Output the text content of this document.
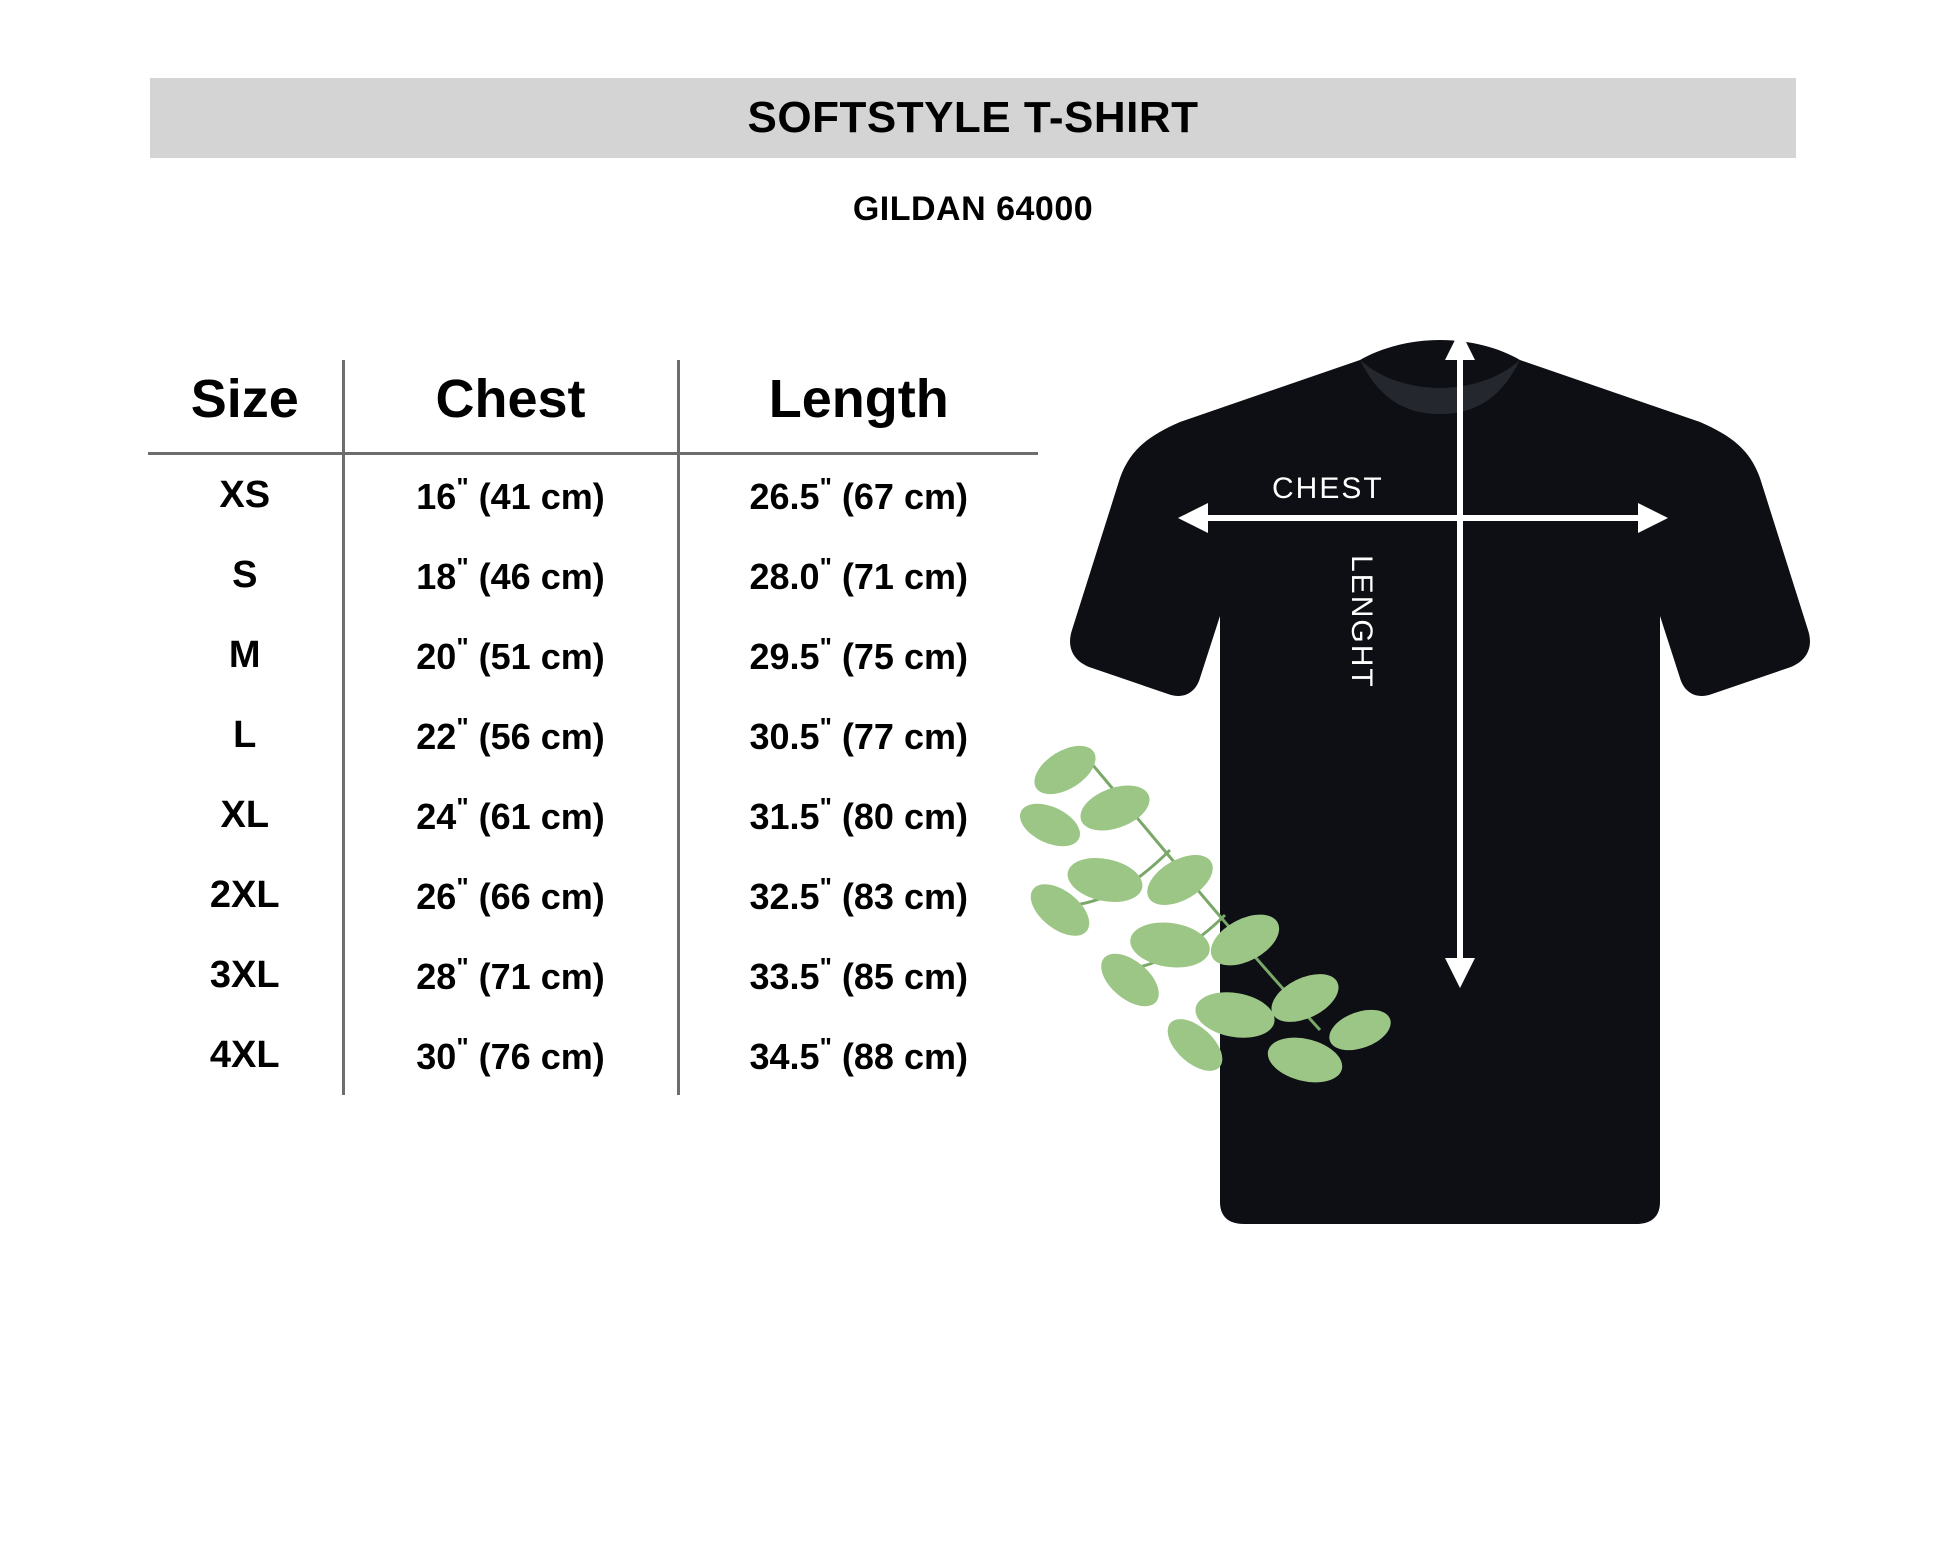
SOFTSTYLE T-SHIRT
GILDAN 64000
Size	Chest	Length
XS	16" (41 cm)	26.5" (67 cm)
S	18" (46 cm)	28.0" (71 cm)
M	20" (51 cm)	29.5" (75 cm)
L	22" (56 cm)	30.5" (77 cm)
XL	24" (61 cm)	31.5" (80 cm)
2XL	26" (66 cm)	32.5" (83 cm)
3XL	28" (71 cm)	33.5" (85 cm)
4XL	30" (76 cm)	34.5" (88 cm)
CHEST
LENGHT
